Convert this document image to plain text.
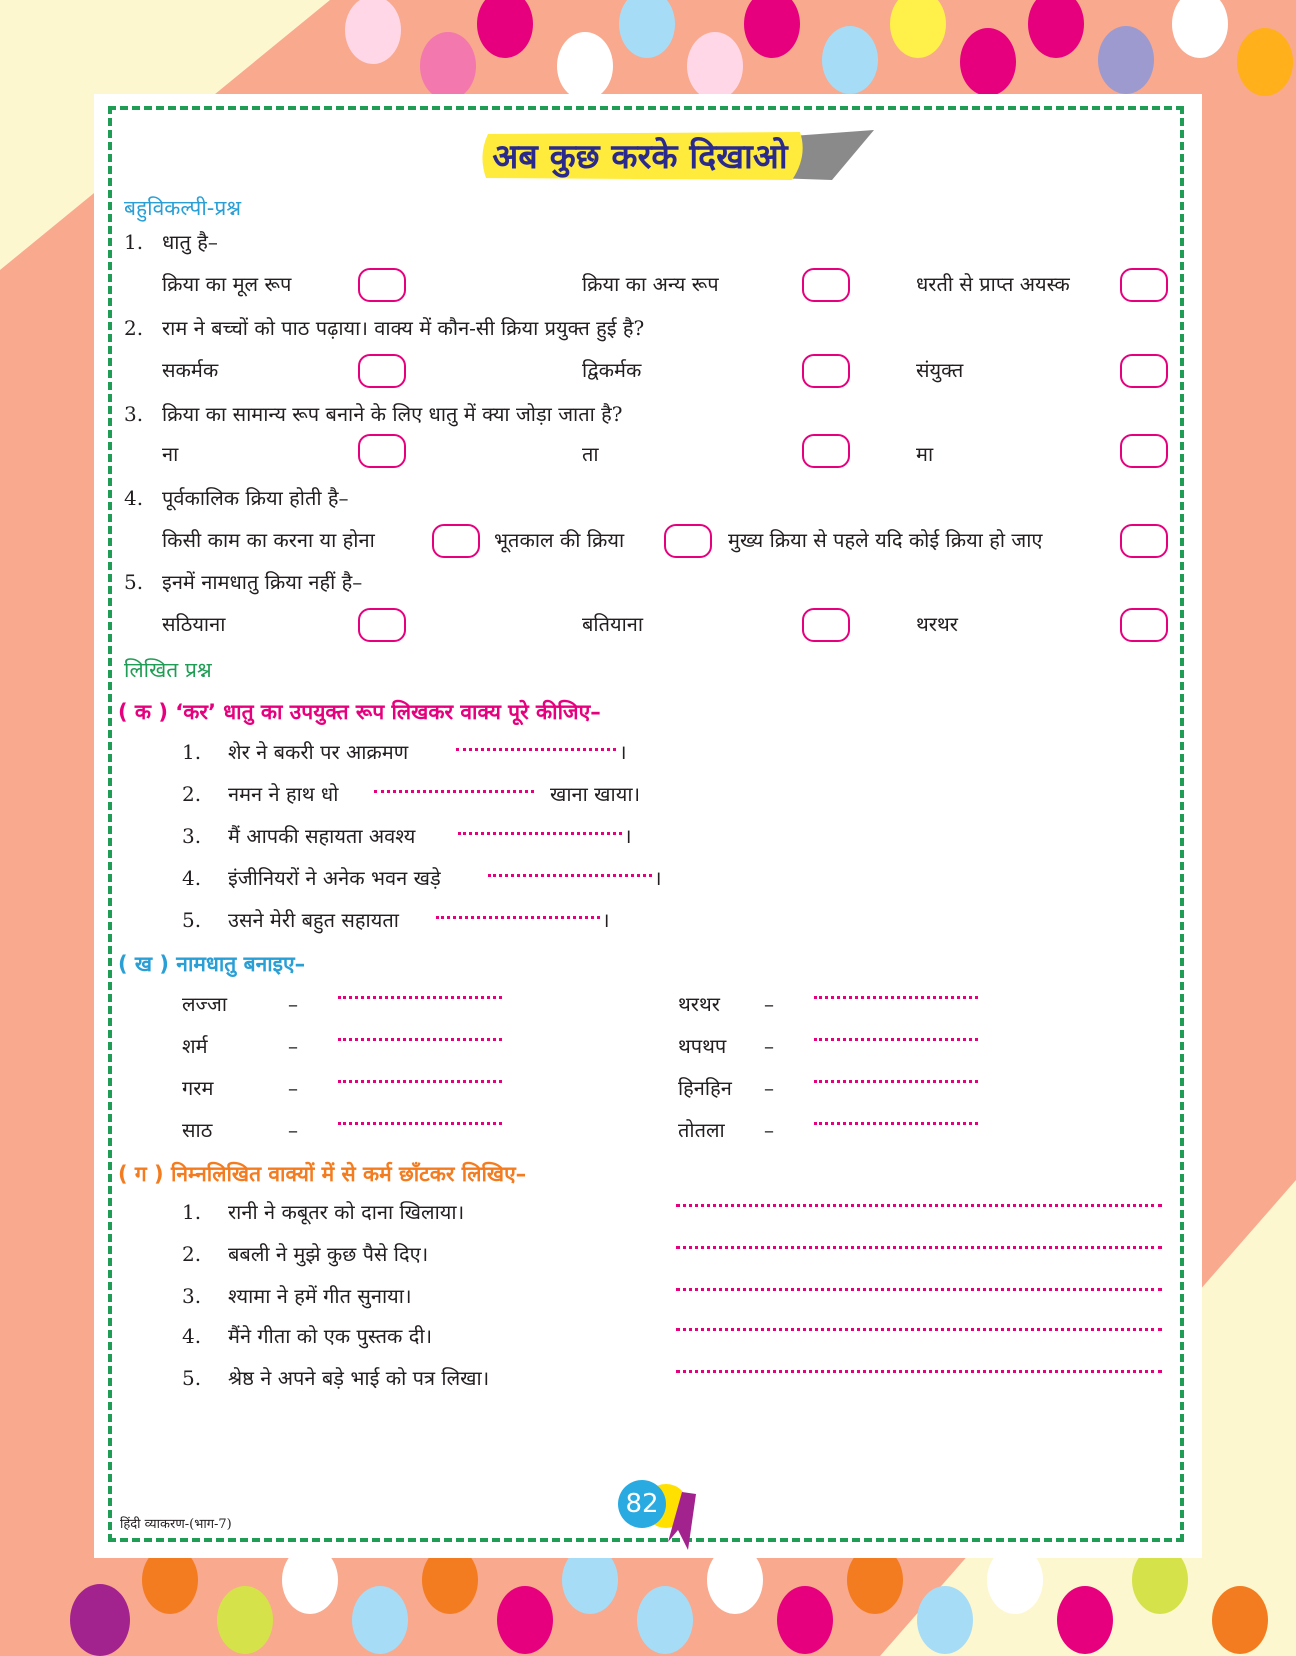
अब कुछ करके दिखाओ
बहुविकल्पी-प्रश्न
1. धातु है–
क्रिया का मूल रूप	क्रिया का अन्य रूप	धरती से प्राप्त अयस्क
2. राम ने बच्चों को पाठ पढ़ाया। वाक्य में कौन-सी क्रिया प्रयुक्त हुई है?
सकर्मक	द्विकर्मक	संयुक्त
3. क्रिया का सामान्य रूप बनाने के लिए धातु में क्या जोड़ा जाता है?
ना	ता	मा
4. पूर्वकालिक क्रिया होती है–
किसी काम का करना या होना	भूतकाल की क्रिया	मुख्य क्रिया से पहले यदि कोई क्रिया हो जाए
5. इनमें नामधातु क्रिया नहीं है–
सठियाना	बतियाना	थरथर
लिखित प्रश्न
( क ) ‘कर’ धातु का उपयुक्त रूप लिखकर वाक्य पूरे कीजिए–
1. शेर ने बकरी पर आक्रमण	।
2. नमन ने हाथ धो	खाना खाया।
3. मैं आपकी सहायता अवश्य	।
4. इंजीनियरों ने अनेक भवन खड़े	।
5. उसने मेरी बहुत सहायता	।
( ख ) नामधातु बनाइए–
लज्जा	–	थरथर –
शर्म	–	थपथप –
गरम	–	हिनहिन –
साठ	–	तोतला –
( ग ) निम्नलिखित वाक्यों में से कर्म छाँटकर लिखिए–
1. रानी ने कबूतर को दाना खिलाया।
2. बबली ने मुझे कुछ पैसे दिए।
3. श्यामा ने हमें गीत सुनाया।
4. मैंने गीता को एक पुस्तक दी।
5. श्रेष्ठ ने अपने बड़े भाई को पत्र लिखा।
हिंदी व्याकरण-(भाग-7)
82
